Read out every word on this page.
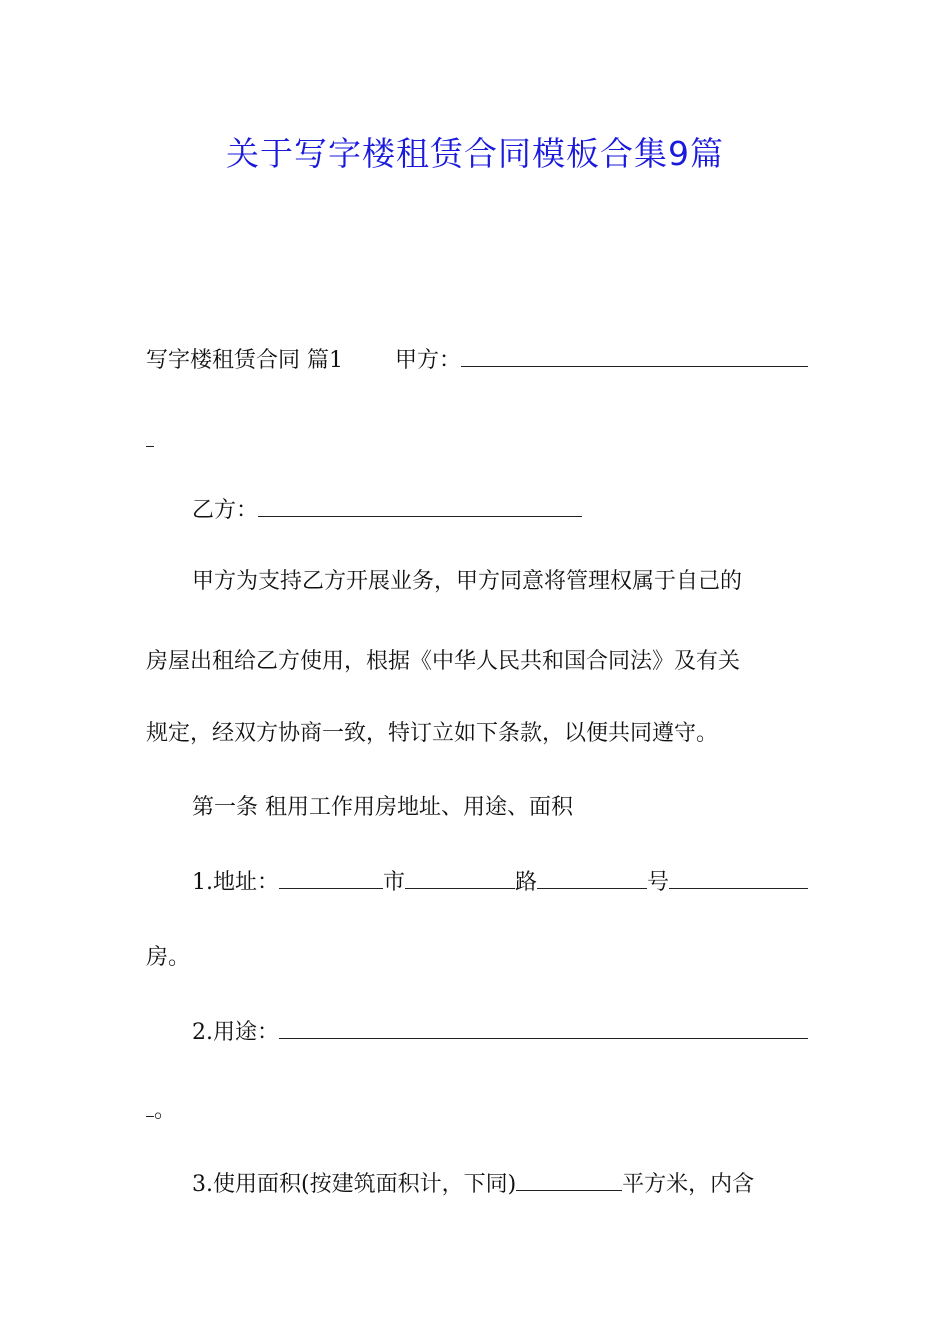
关于写字楼租赁合同模板合集9篇
写字楼租赁合同 篇1 甲方：
乙方：
甲方为支持乙方开展业务，甲方同意将管理权属于自己的
房屋出租给乙方使用，根据《中华人民共和国合同法》及有关
规定，经双方协商一致，特订立如下条款，以便共同遵守。
第一条 租用工作用房地址、用途、面积
1.地址：	市	路	号
房。
2.用途：
。
3.使用面积(按建筑面积计，下同)	平方米，内含
